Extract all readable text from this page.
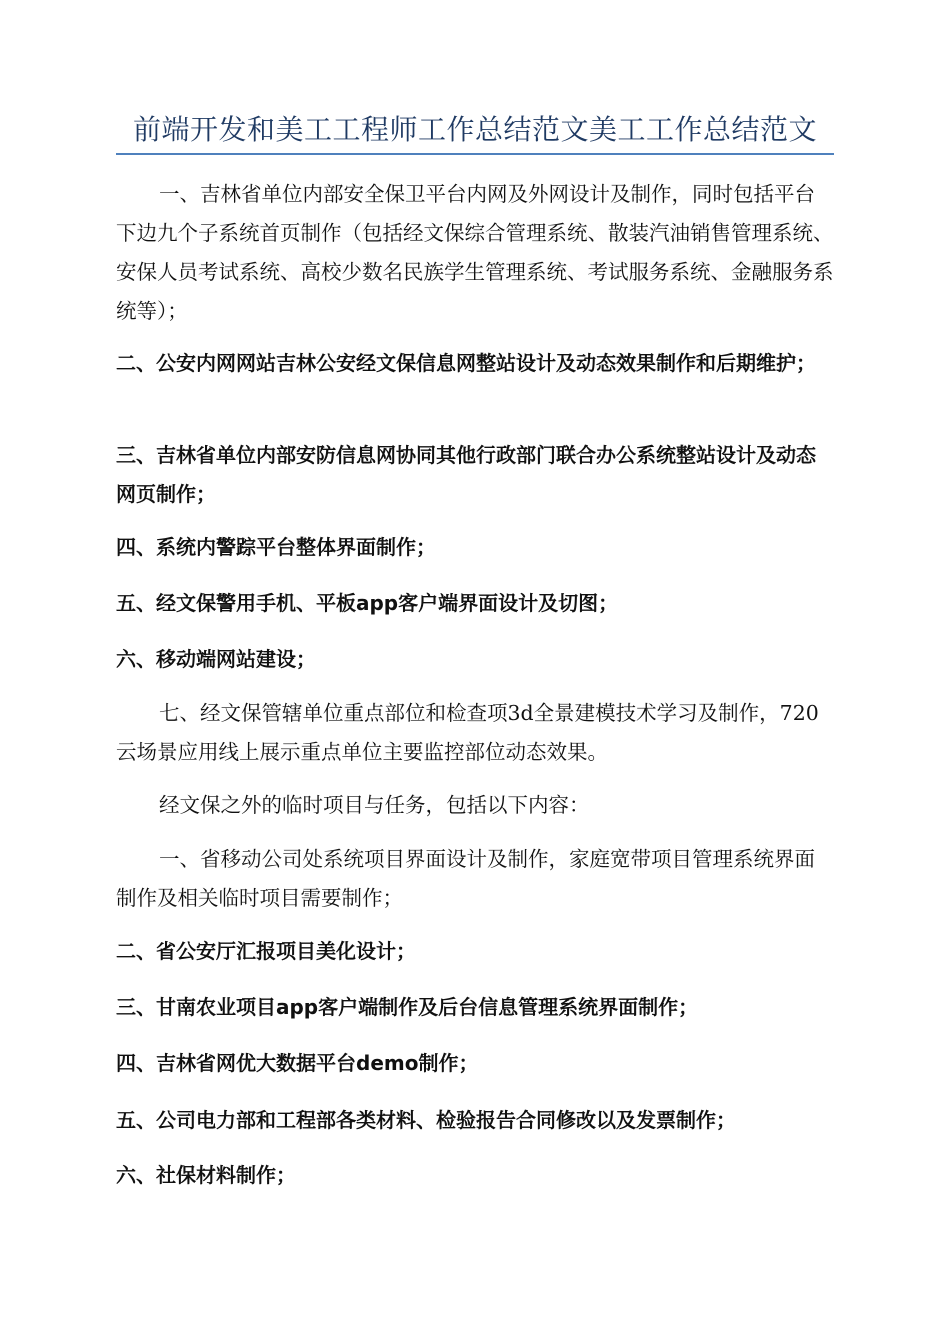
前端开发和美工工程师工作总结范文美工工作总结范文

一、吉林省单位内部安全保卫平台内网及外网设计及制作，同时包括平台下边九个子系统首页制作（包括经文保综合管理系统、散装汽油销售管理系统、安保人员考试系统、高校少数名民族学生管理系统、考试服务系统、金融服务系统等）；

二、公安内网网站吉林公安经文保信息网整站设计及动态效果制作和后期维护；

三、吉林省单位内部安防信息网协同其他行政部门联合办公系统整站设计及动态网页制作；

四、系统内警踪平台整体界面制作；

五、经文保警用手机、平板app客户端界面设计及切图；

六、移动端网站建设；

七、经文保管辖单位重点部位和检查项3d全景建模技术学习及制作，720云场景应用线上展示重点单位主要监控部位动态效果。

经文保之外的临时项目与任务，包括以下内容：

一、省移动公司处系统项目界面设计及制作，家庭宽带项目管理系统界面制作及相关临时项目需要制作；

二、省公安厅汇报项目美化设计；

三、甘南农业项目app客户端制作及后台信息管理系统界面制作；

四、吉林省网优大数据平台demo制作；

五、公司电力部和工程部各类材料、检验报告合同修改以及发票制作；

六、社保材料制作；
